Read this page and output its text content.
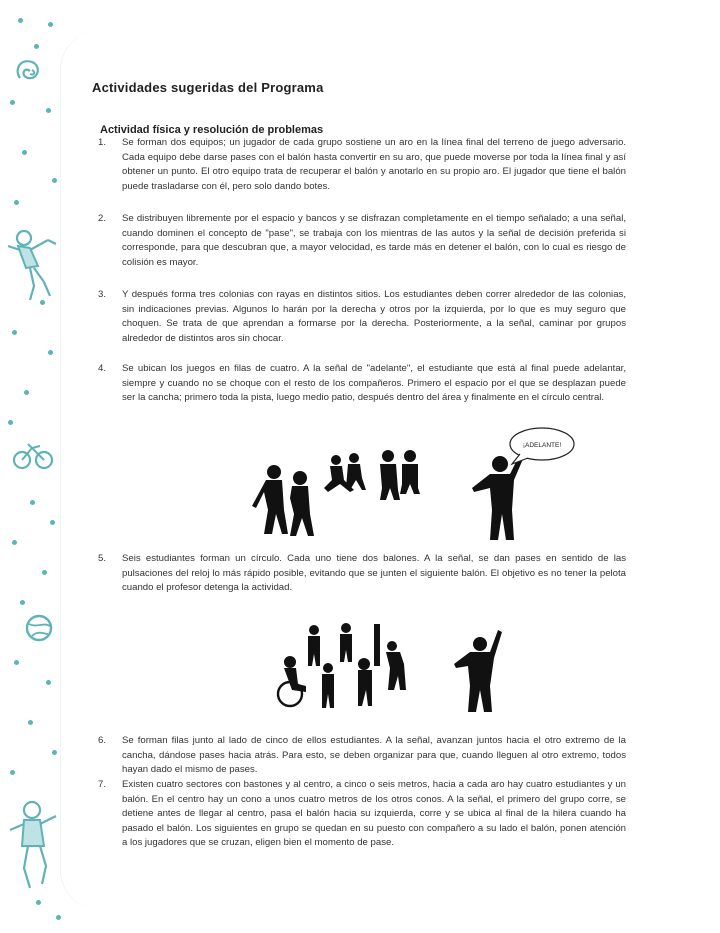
Actividades sugeridas del Programa
Actividad física y resolución de problemas
1.	Se forman dos equipos; un jugador de cada grupo sostiene un aro en la línea final del terreno de juego adversario. Cada equipo debe darse pases con el balón hasta convertir en su aro, que puede moverse por toda la línea final y así obtener un punto. El otro equipo trata de recuperar el balón y anotarlo en su propio aro. El jugador que tiene el balón puede trasladarse con él, pero solo dando botes.
2.	Se distribuyen libremente por el espacio y bancos y se disfrazan completamente en el tiempo señalado; a una señal, cuando dominen el concepto de "pase", se trabaja con los mientras de las autos y la señal de decisión preferida si corresponde, para que descubran que, a mayor velocidad, es tarde más en detener el balón, con lo cual es riesgo de colisión es mayor.
3.	Y después forma tres colonias con rayas en distintos sitios. Los estudiantes deben correr alrededor de las colonias, sin indicaciones previas. Algunos lo harán por la derecha y otros por la izquierda, por lo que es muy seguro que choquen. Se trata de que aprendan a formarse por la derecha. Posteriormente, a la señal, caminar por grupos alrededor de distintos aros sin chocar.
4.	Se ubican los juegos en filas de cuatro. A la señal de "adelante", el estudiante que está al final puede adelantar, siempre y cuando no se choque con el resto de los compañeros. Primero el espacio por el que se desplazan puede ser la cancha; primero toda la pista, luego medio patio, después dentro del área y finalmente en el círculo central.
¡ADELANTE!
5.	Seis estudiantes forman un círculo. Cada uno tiene dos balones. A la señal, se dan pases en sentido de las pulsaciones del reloj lo más rápido posible, evitando que se junten el siguiente balón. El objetivo es no tener la pelota cuando el profesor detenga la actividad.
6.	Se forman filas junto al lado de cinco de ellos estudiantes. A la señal, avanzan juntos hacia el otro extremo de la cancha, dándose pases hacia atrás. Para esto, se deben organizar para que, cuando lleguen al otro extremo, todos hayan dado el mismo de pases.
7.	Existen cuatro sectores con bastones y al centro, a cinco o seis metros, hacia a cada aro hay cuatro estudiantes y un balón. En el centro hay un cono a unos cuatro metros de los otros conos. A la señal, el primero del grupo corre, se detiene antes de llegar al centro, pasa el balón hacia su izquierda, corre y se ubica al final de la hilera cuando ha pasado el balón. Los siguientes en grupo se quedan en su puesto con compañero a su lado el balón, ponen atención a los jugadores que se cruzan, eligen bien el momento de pase.
